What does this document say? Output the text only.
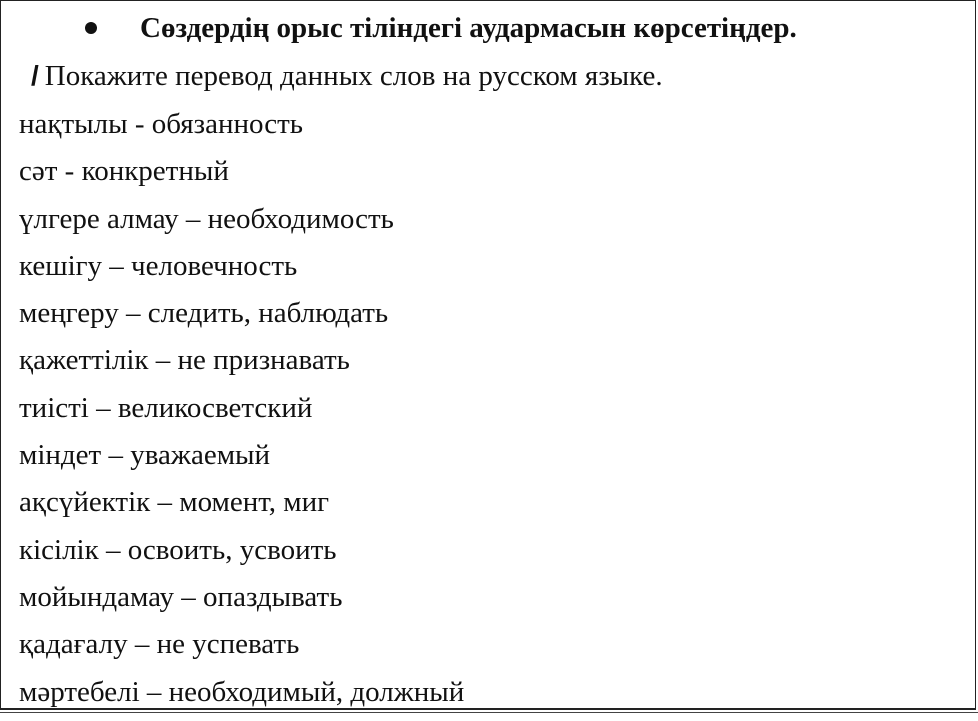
Сөздердің орыс тіліндегі аудармасын көрсетіңдер.
/ Покажите перевод данных слов на русском языке.
нақтылы - обязанность
сәт - конкретный
үлгере алмау – необходимость
кешігу – человечность
меңгеру – следить, наблюдать
қажеттілік – не признавать
тиісті – великосветский
міндет – уважаемый
ақсүйектік – момент, миг
кісілік – освоить, усвоить
мойындамау – опаздывать
қадағалу – не успевать
мәртебелі – необходимый, должный
